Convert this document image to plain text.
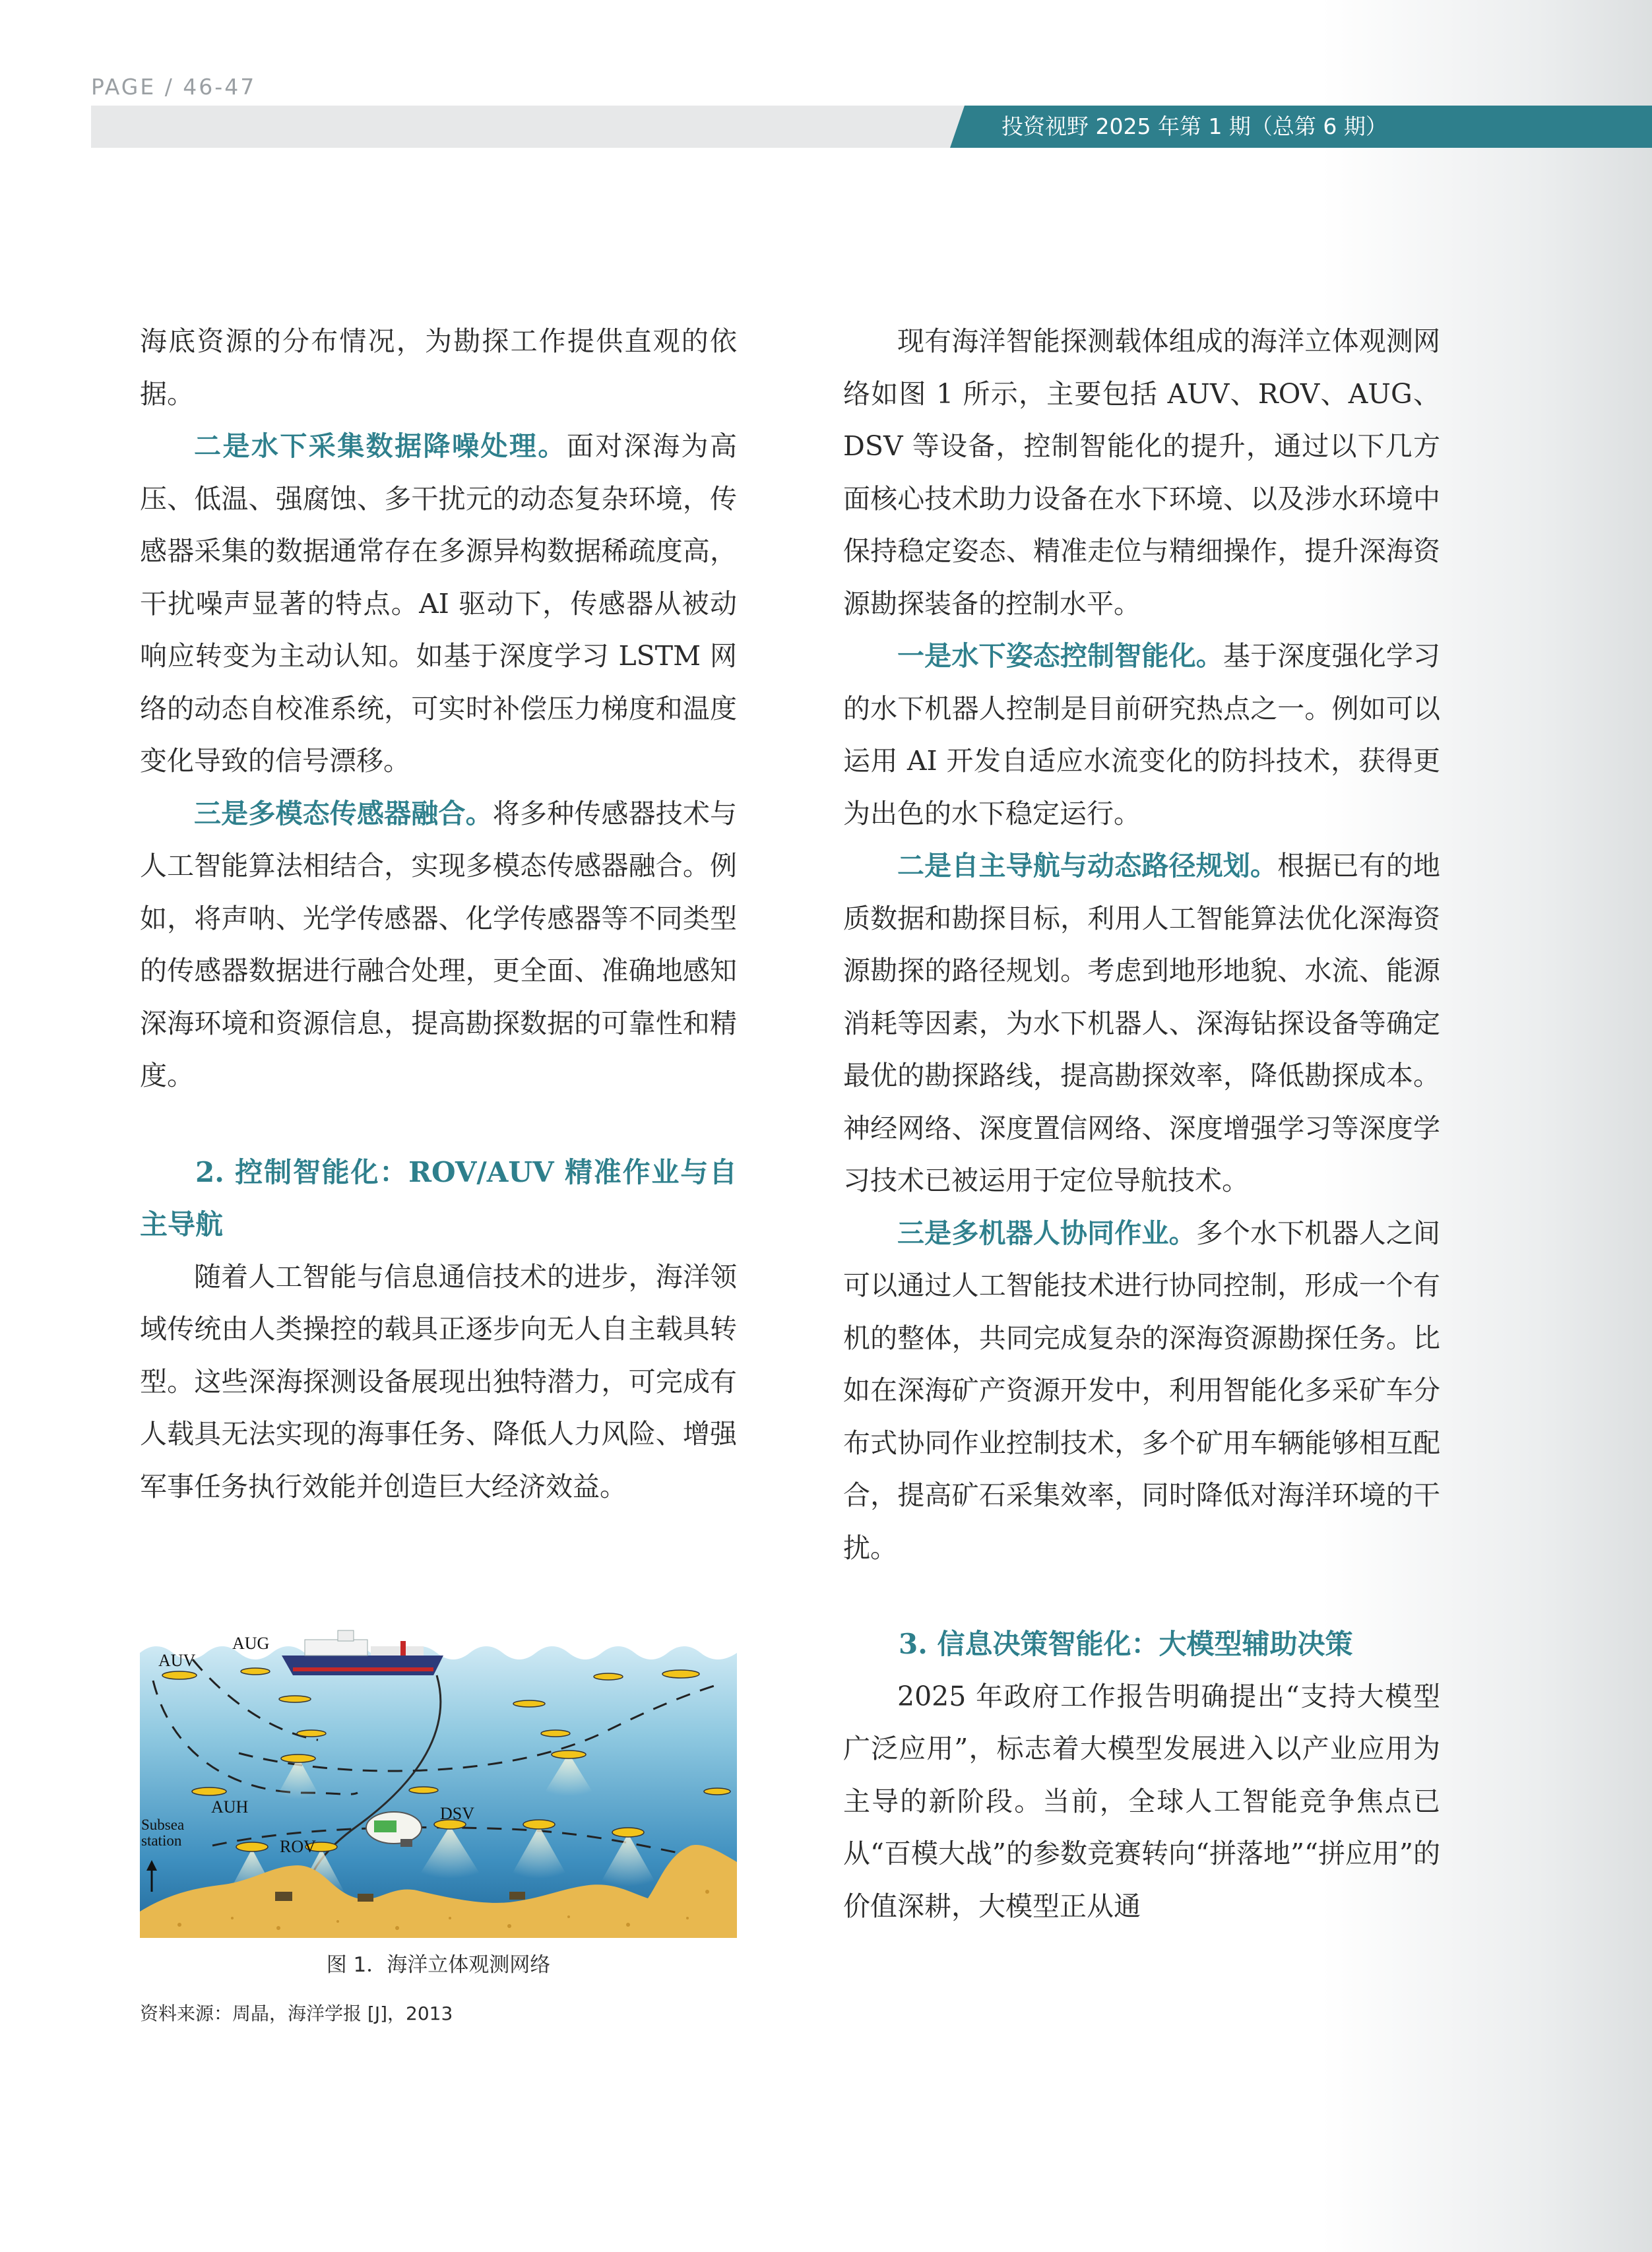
PAGE / 46-47
投资视野 2025 年第 1 期（总第 6 期）

海底资源的分布情况，为勘探工作提供直观的依据。

二是水下采集数据降噪处理。面对深海为高压、低温、强腐蚀、多干扰元的动态复杂环境，传感器采集的数据通常存在多源异构数据稀疏度高，干扰噪声显著的特点。AI 驱动下，传感器从被动响应转变为主动认知。如基于深度学习 LSTM 网络的动态自校准系统，可实时补偿压力梯度和温度变化导致的信号漂移。

三是多模态传感器融合。将多种传感器技术与人工智能算法相结合，实现多模态传感器融合。例如，将声呐、光学传感器、化学传感器等不同类型的传感器数据进行融合处理，更全面、准确地感知深海环境和资源信息，提高勘探数据的可靠性和精度。

2. 控制智能化：ROV/AUV 精准作业与自主导航

随着人工智能与信息通信技术的进步，海洋领域传统由人类操控的载具正逐步向无人自主载具转型。这些深海探测设备展现出独特潜力，可完成有人载具无法实现的海事任务、降低人力风险、增强军事任务执行效能并创造巨大经济效益。

AUV
AUG
AUH	DSV
ROV
Subsea
station
图 1．海洋立体观测网络
资料来源：周晶，海洋学报 [J]，2013

现有海洋智能探测载体组成的海洋立体观测网络如图 1 所示，主要包括 AUV、ROV、AUG、DSV 等设备，控制智能化的提升，通过以下几方面核心技术助力设备在水下环境、以及涉水环境中保持稳定姿态、精准走位与精细操作，提升深海资源勘探装备的控制水平。

一是水下姿态控制智能化。基于深度强化学习的水下机器人控制是目前研究热点之一。例如可以运用 AI 开发自适应水流变化的防抖技术，获得更为出色的水下稳定运行。

二是自主导航与动态路径规划。根据已有的地质数据和勘探目标，利用人工智能算法优化深海资源勘探的路径规划。考虑到地形地貌、水流、能源消耗等因素，为水下机器人、深海钻探设备等确定最优的勘探路线，提高勘探效率，降低勘探成本。神经网络、深度置信网络、深度增强学习等深度学习技术已被运用于定位导航技术。

三是多机器人协同作业。多个水下机器人之间可以通过人工智能技术进行协同控制，形成一个有机的整体，共同完成复杂的深海资源勘探任务。比如在深海矿产资源开发中，利用智能化多采矿车分布式协同作业控制技术，多个矿用车辆能够相互配合，提高矿石采集效率，同时降低对海洋环境的干扰。

3. 信息决策智能化：大模型辅助决策

2025 年政府工作报告明确提出“支持大模型广泛应用”，标志着大模型发展进入以产业应用为主导的新阶段。当前，全球人工智能竞争焦点已从“百模大战”的参数竞赛转向“拼落地”“拼应用”的价值深耕，大模型正从通
